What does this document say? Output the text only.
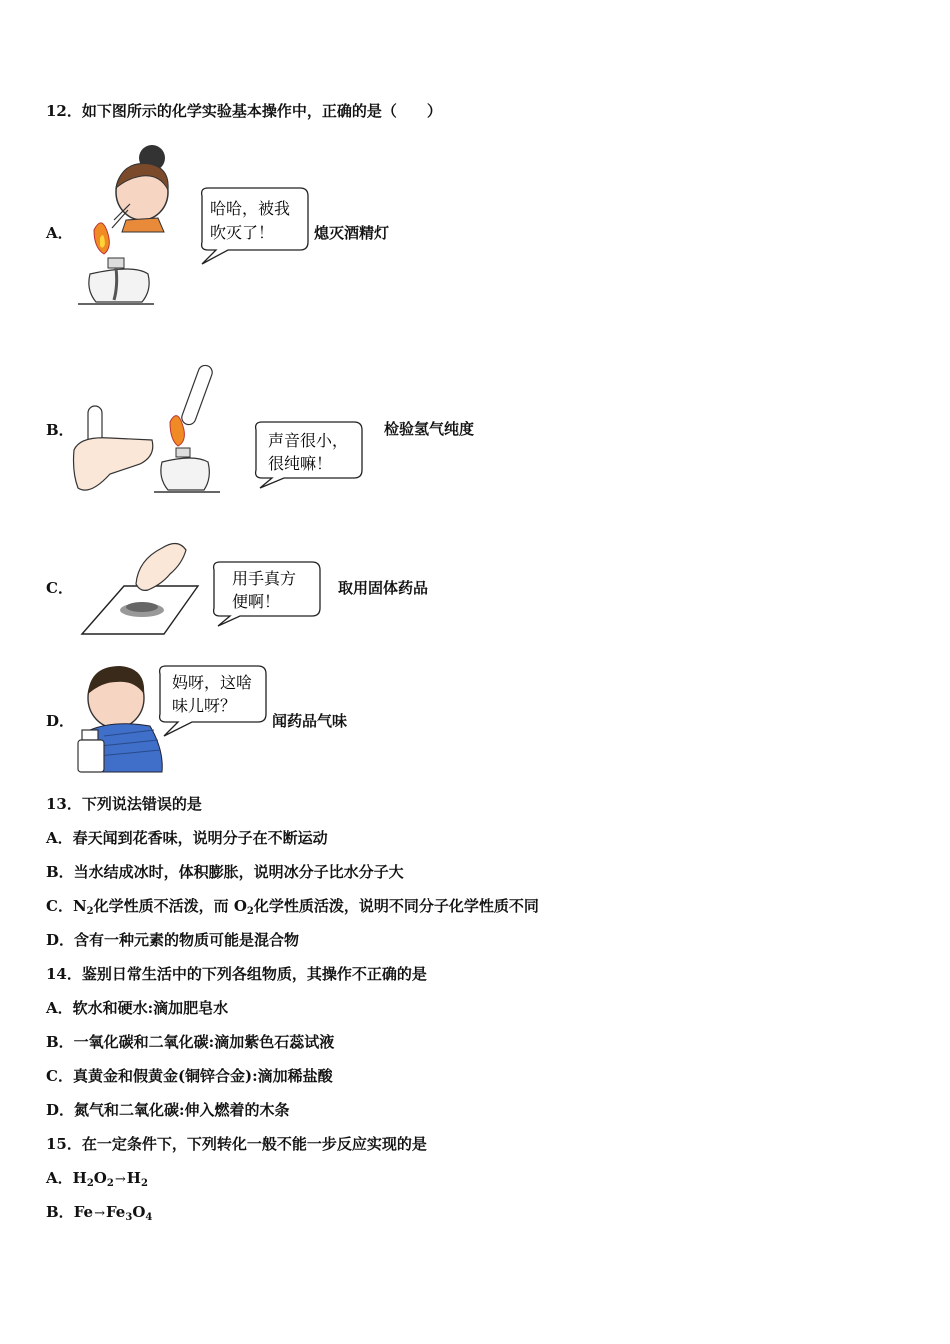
12．如下图所示的化学实验基本操作中，正确的是（　　）
A．
哈哈，被我
吹灭了！	熄灭酒精灯
B．
声音很小，
很纯嘛！
检验氢气纯度
C．	用手真方
便啊！
取用固体药品
D．
妈呀，这啥
味儿呀？
闻药品气味
13．下列说法错误的是
A．春天闻到花香味，说明分子在不断运动
B．当水结成冰时，体积膨胀，说明冰分子比水分子大
C．$N_2$化学性质不活泼，而 $O_2$化学性质活泼，说明不同分子化学性质不同
D．含有一种元素的物质可能是混合物
14．鉴别日常生活中的下列各组物质，其操作不正确的是
A．软水和硬水:滴加肥皂水
B．一氧化碳和二氧化碳:滴加紫色石蕊试液
C．真黄金和假黄金(铜锌合金):滴加稀盐酸
D．氮气和二氧化碳:伸入燃着的木条
15．在一定条件下，下列转化一般不能一步反应实现的是
A．$H_2O_2\to H_2$
B．$Fe\to Fe_3O_4$
